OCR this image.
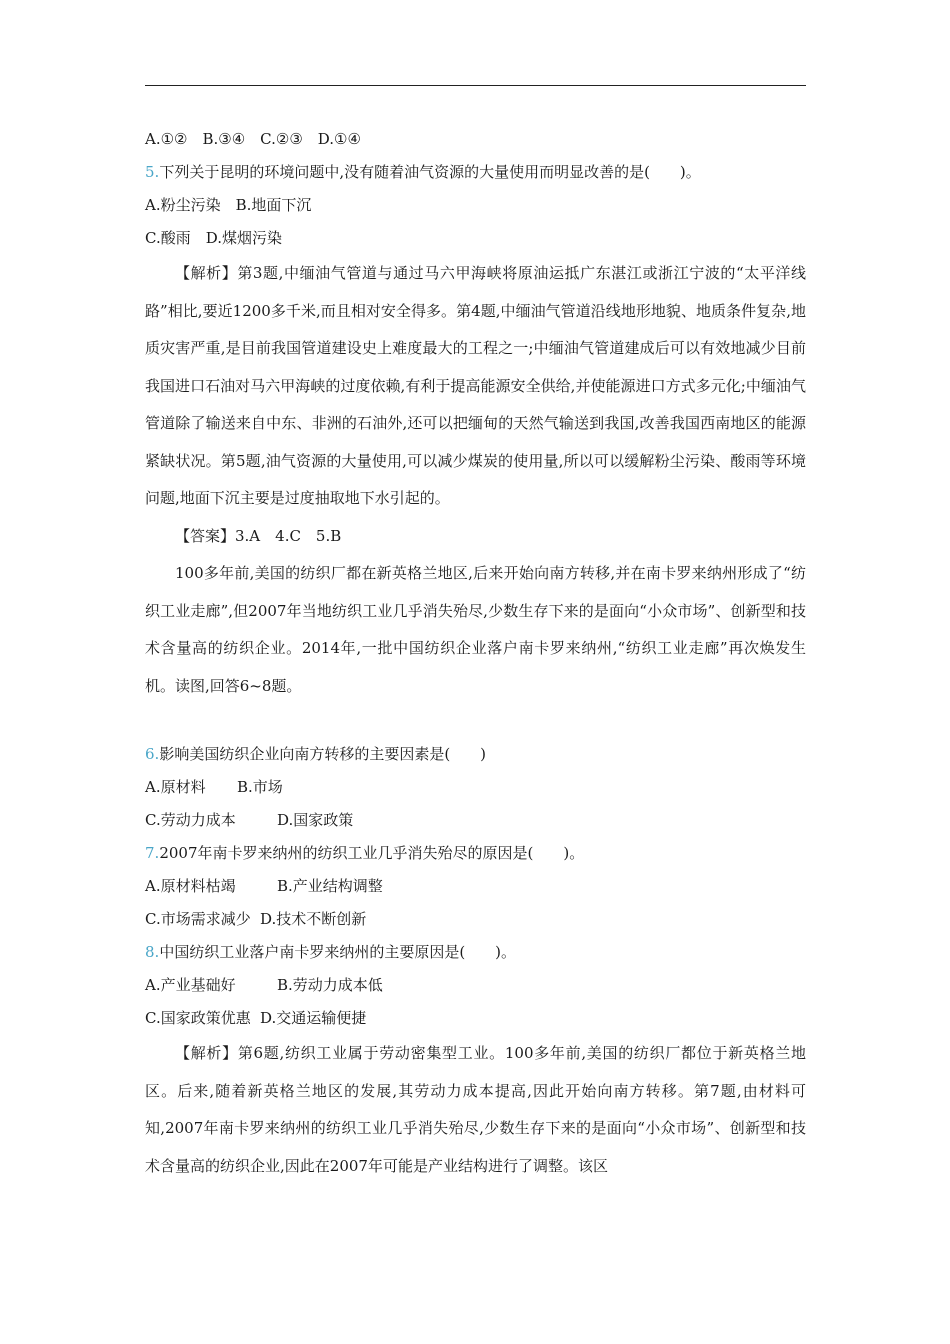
A.①②　B.③④　C.②③　D.①④
5.下列关于昆明的环境问题中,没有随着油气资源的大量使用而明显改善的是(　　)。
A.粉尘污染　B.地面下沉
C.酸雨　D.煤烟污染

【解析】第3题,中缅油气管道与通过马六甲海峡将原油运抵广东湛江或浙江宁波的“太平洋线路”相比,要近1200多千米,而且相对安全得多。第4题,中缅油气管道沿线地形地貌、地质条件复杂,地质灾害严重,是目前我国管道建设史上难度最大的工程之一;中缅油气管道建成后可以有效地减少目前我国进口石油对马六甲海峡的过度依赖,有利于提高能源安全供给,并使能源进口方式多元化;中缅油气管道除了输送来自中东、非洲的石油外,还可以把缅甸的天然气输送到我国,改善我国西南地区的能源紧缺状况。第5题,油气资源的大量使用,可以减少煤炭的使用量,所以可以缓解粉尘污染、酸雨等环境问题,地面下沉主要是过度抽取地下水引起的。

【答案】3.A　4.C　5.B

100多年前,美国的纺织厂都在新英格兰地区,后来开始向南方转移,并在南卡罗来纳州形成了“纺织工业走廊”,但2007年当地纺织工业几乎消失殆尽,少数生存下来的是面向“小众市场”、创新型和技术含量高的纺织企业。2014年,一批中国纺织企业落户南卡罗来纳州,“纺织工业走廊”再次焕发生机。读图,回答6~8题。

6.影响美国纺织企业向南方转移的主要因素是(　　)
A.原材料 B.市场
C.劳动力成本	D.国家政策
7.2007年南卡罗来纳州的纺织工业几乎消失殆尽的原因是(　　)。
A.原材料枯竭	B.产业结构调整
C.市场需求减少 D.技术不断创新
8.中国纺织工业落户南卡罗来纳州的主要原因是(　　)。
A.产业基础好	B.劳动力成本低
C.国家政策优惠 D.交通运输便捷

【解析】第6题,纺织工业属于劳动密集型工业。100多年前,美国的纺织厂都位于新英格兰地区。后来,随着新英格兰地区的发展,其劳动力成本提高,因此开始向南方转移。第7题,由材料可知,2007年南卡罗来纳州的纺织工业几乎消失殆尽,少数生存下来的是面向“小众市场”、创新型和技术含量高的纺织企业,因此在2007年可能是产业结构进行了调整。该区
